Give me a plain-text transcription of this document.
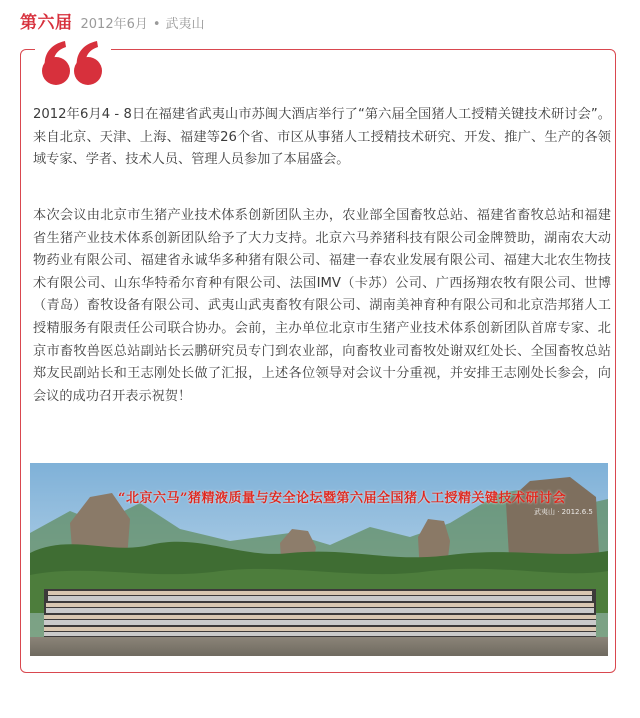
第六届 2012年6月 • 武夷山
2012年6月4 - 8日在福建省武夷山市苏闽大酒店举行了“第六届全国猪人工授精关键技术研讨会”。来自北京、天津、上海、福建等26个省、市区从事猪人工授精技术研究、开发、推广、生产的各领域专家、学者、技术人员、管理人员参加了本届盛会。
本次会议由北京市生猪产业技术体系创新团队主办，农业部全国畜牧总站、福建省畜牧总站和福建省生猪产业技术体系创新团队给予了大力支持。北京六马养猪科技有限公司金牌赞助，湖南农大动物药业有限公司、福建省永诚华多种猪有限公司、福建一春农业发展有限公司、福建大北农生物技术有限公司、山东华特希尔育种有限公司、法国IMV（卡苏）公司、广西扬翔农牧有限公司、世博（青岛）畜牧设备有限公司、武夷山武夷畜牧有限公司、湖南美神育种有限公司和北京浩邦猪人工授精服务有限责任公司联合协办。会前，主办单位北京市生猪产业技术体系创新团队首席专家、北京市畜牧兽医总站副站长云鹏研究员专门到农业部，向畜牧业司畜牧处谢双红处长、全国畜牧总站郑友民副站长和王志刚处长做了汇报，上述各位领导对会议十分重视，并安排王志刚处长参会，向会议的成功召开表示祝贺！
“北京六马”猪精液质量与安全论坛暨第六届全国猪人工授精关键技术研讨会
武夷山 · 2012.6.5
